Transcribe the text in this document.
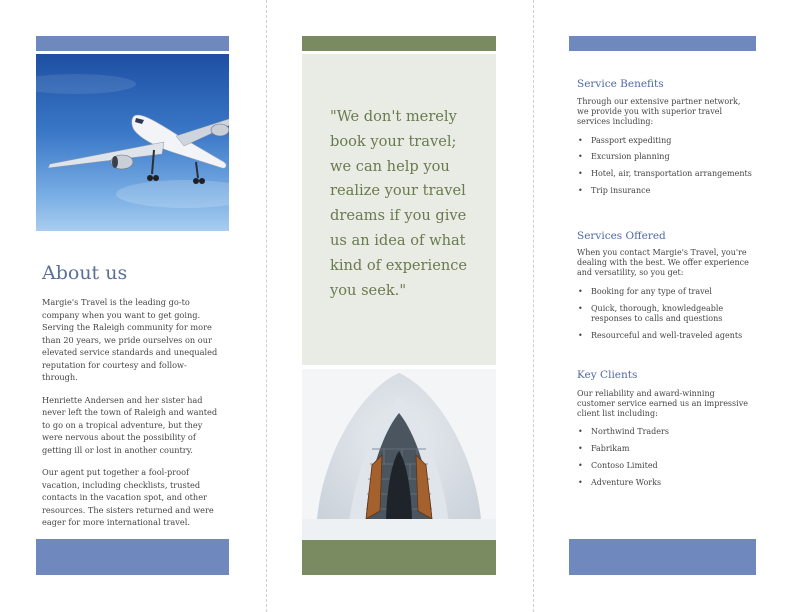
About us

Margie's Travel is the leading go-to company when you want to get going. Serving the Raleigh community for more than 20 years, we pride ourselves on our elevated service standards and unequaled reputation for courtesy and follow-through.

Henriette Andersen and her sister had never left the town of Raleigh and wanted to go on a tropical adventure, but they were nervous about the possibility of getting ill or lost in another country.

Our agent put together a fool-proof vacation, including checklists, trusted contacts in the vacation spot, and other resources. The sisters returned and were eager for more international travel.

"We don't merely book your travel; we can help you realize your travel dreams if you give us an idea of what kind of experience you seek."
Service Benefits

Through our extensive partner network, we provide you with superior travel services including:

• Passport expediting
• Excursion planning
• Hotel, air, transportation arrangements
• Trip insurance
Services Offered

When you contact Margie's Travel, you're dealing with the best. We offer experience and versatility, so you get:

• Booking for any type of travel
• Quick, thorough, knowledgeable responses to calls and questions
• Resourceful and well-traveled agents
Key Clients

Our reliability and award-winning customer service earned us an impressive client list including:

• Northwind Traders
• Fabrikam
• Contoso Limited
• Adventure Works
